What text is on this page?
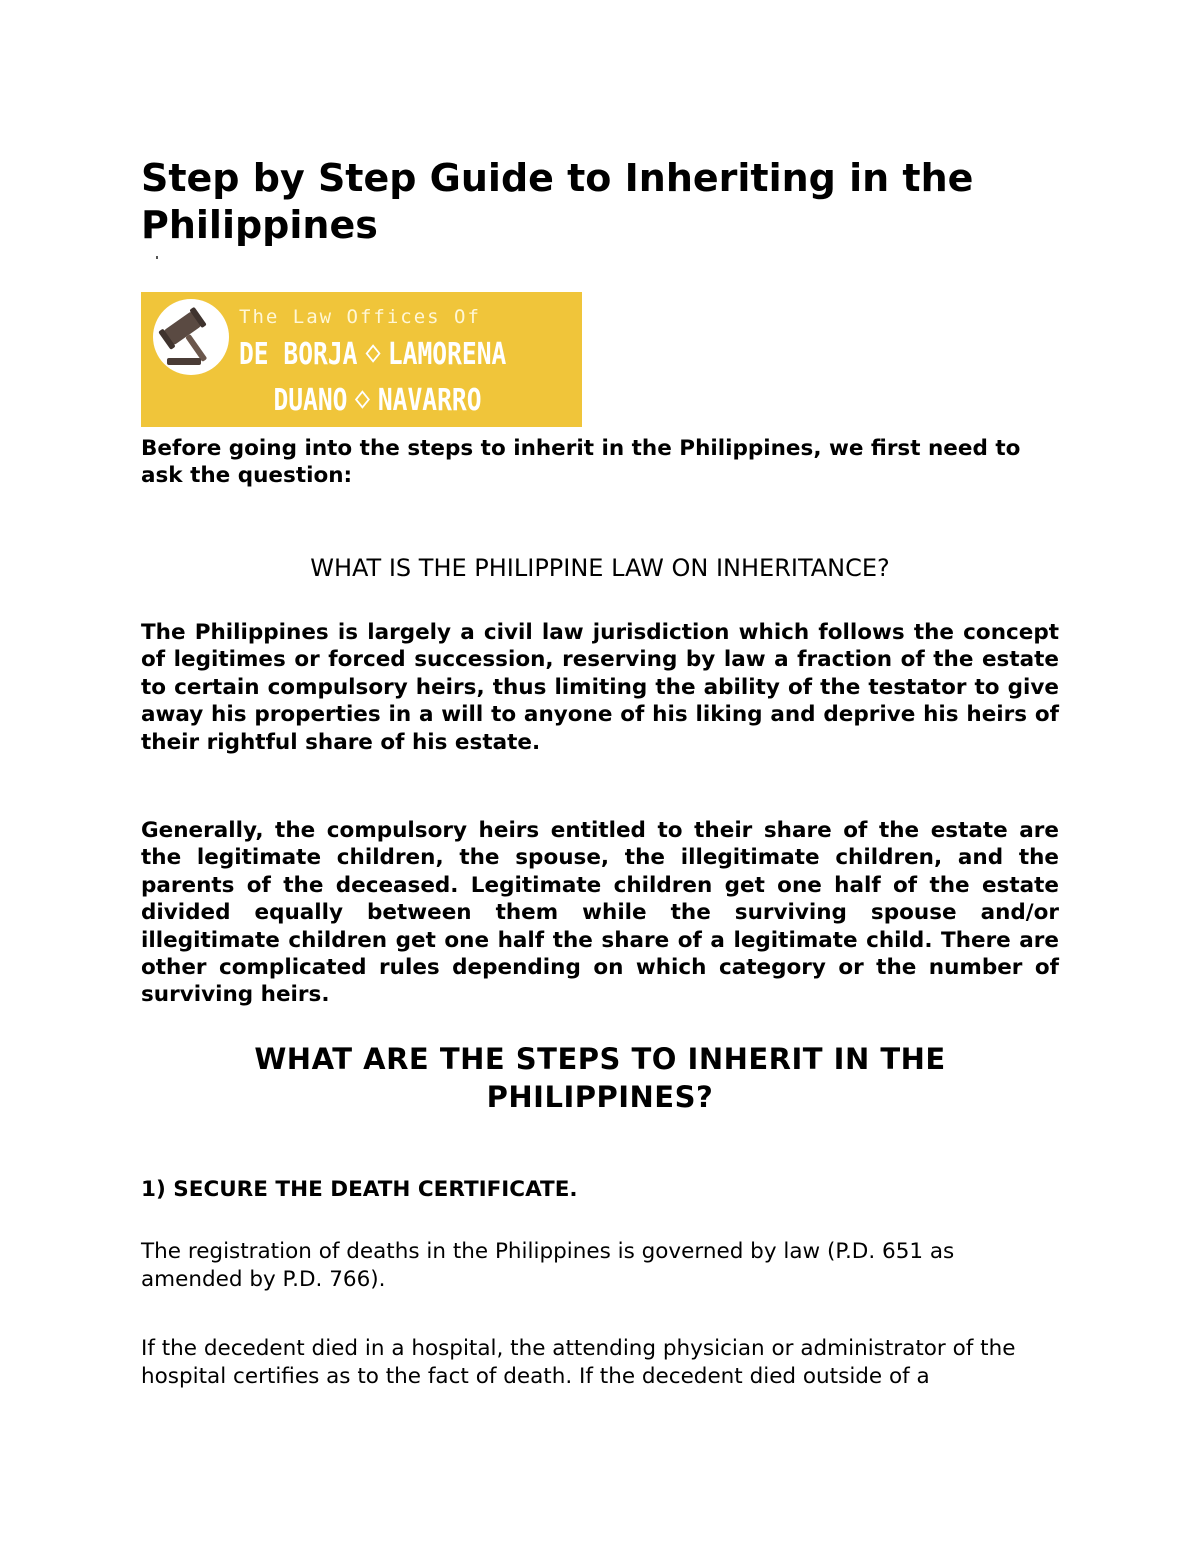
Step by Step Guide to Inheriting in the Philippines
The Law Offices Of
DE BORJA LAMORENA
DUANO NAVARRO

Before going into the steps to inherit in the Philippines, we first need to ask the question:

WHAT IS THE PHILIPPINE LAW ON INHERITANCE?

The Philippines is largely a civil law jurisdiction which follows the concept of legitimes or forced succession, reserving by law a fraction of the estate to certain compulsory heirs, thus limiting the ability of the testator to give away his properties in a will to anyone of his liking and deprive his heirs of their rightful share of his estate.

Generally, the compulsory heirs entitled to their share of the estate are the legitimate children, the spouse, the illegitimate children, and the parents of the deceased. Legitimate children get one half of the estate divided equally between them while the surviving spouse and/or illegitimate children get one half the share of a legitimate child. There are other complicated rules depending on which category or the number of surviving heirs.

WHAT ARE THE STEPS TO INHERIT IN THE PHILIPPINES?
1) SECURE THE DEATH CERTIFICATE.

The registration of deaths in the Philippines is governed by law (P.D. 651 as amended by P.D. 766).

If the decedent died in a hospital, the attending physician or administrator of the hospital certifies as to the fact of death. If the decedent died outside of a
